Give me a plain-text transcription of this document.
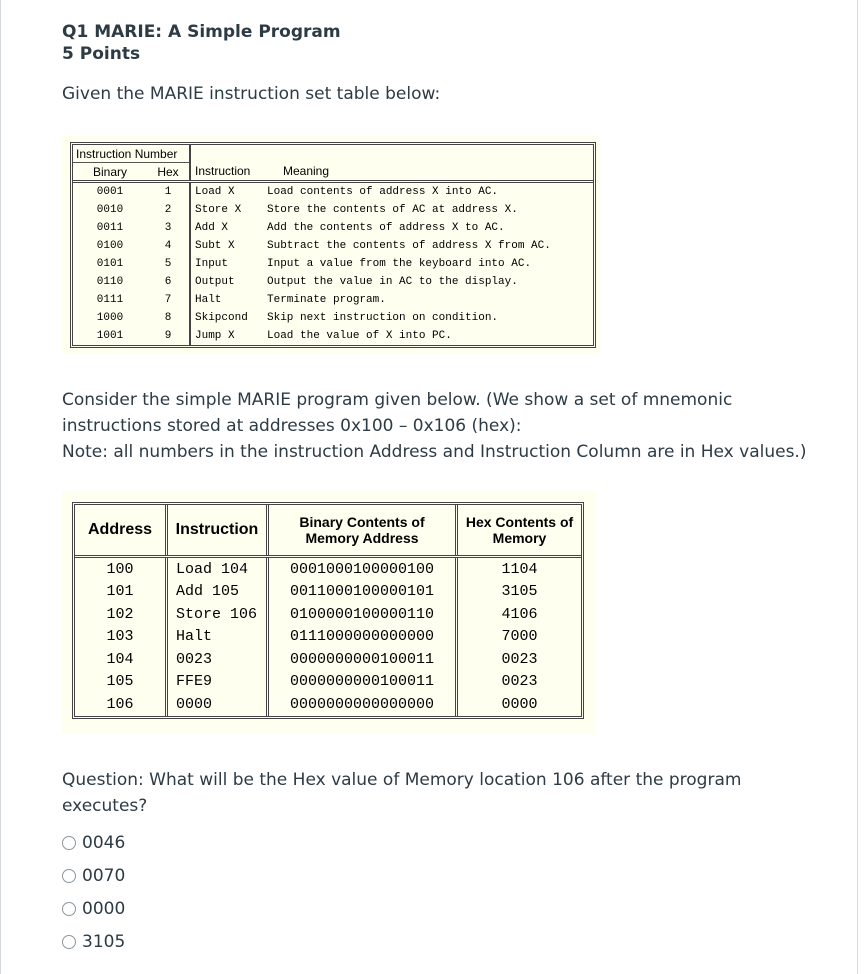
Q1 MARIE: A Simple Program
5 Points
Given the MARIE instruction set table below:
Instruction Number			
Binary	Hex	Instruction	Meaning
0001	1	Load X	Load contents of address X into AC.
0010	2	Store X	Store the contents of AC at address X.
0011	3	Add X	Add the contents of address X to AC.
0100	4	Subt X	Subtract the contents of address X from AC.
0101	5	Input	Input a value from the keyboard into AC.
0110	6	Output	Output the value in AC to the display.
0111	7	Halt	Terminate program.
1000	8	Skipcond	Skip next instruction on condition.
1001	9	Jump X	Load the value of X into PC.
Consider the simple MARIE program given below. (We show a set of mnemonic
instructions stored at addresses 0x100 – 0x106 (hex):
Note: all numbers in the instruction Address and Instruction Column are in Hex values.)
Address	Instruction	Binary Contents of Memory Address	Hex Contents of Memory
100	Load 104	0001000100000100	1104
101	Add 105	0011000100000101	3105
102	Store 106	0100000100000110	4106
103	Halt	0111000000000000	7000
104	0023	0000000000100011	0023
105	FFE9	0000000000100011	0023
106	0000	0000000000000000	0000
Question: What will be the Hex value of Memory location 106 after the program executes?
0046
0070
0000
3105
